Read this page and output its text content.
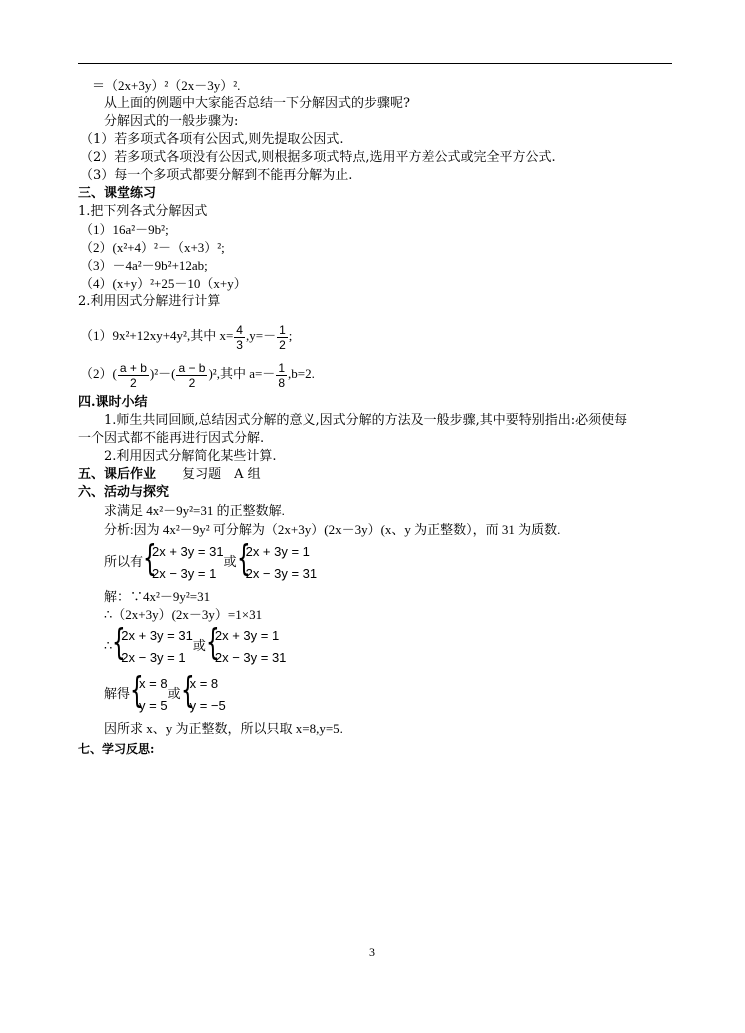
＝（2x+3y）²（2x－3y）².
从上面的例题中大家能否总结一下分解因式的步骤呢?
分解因式的一般步骤为:
（1）若多项式各项有公因式,则先提取公因式.
（2）若多项式各项没有公因式,则根据多项式特点,选用平方差公式或完全平方公式.
（3）每一个多项式都要分解到不能再分解为止.
三、课堂练习
1.把下列各式分解因式
（1）16a²－9b²;
（2）(x²+4）²－（x+3）²;
（3）－4a²－9b²+12ab;
（4）(x+y）²+25－10（x+y）
2.利用因式分解进行计算
（1）9x²+12xy+4y²,其中 $x= \frac{4}{3} ,y=- \frac{1}{2}$ ;
$(2)( \frac{a + b}{2} )^2-( \frac{a - b}{2} )^2$,其中 $a=- \frac{1}{8} ,b=2$.
四.课时小结
1.师生共同回顾,总结因式分解的意义,因式分解的方法及一般步骤,其中要特别指出:必须使每
一个因式都不能再进行因式分解.
2.利用因式分解简化某些计算.
五、课后作业 复习题　A 组
六、活动与探究
求满足 4x²－9y²=31 的正整数解.
分析:因为 4x²－9y² 可分解为（2x+3y）(2x－3y）(x、y 为正整数），而 31 为质数.
所以有 {
2x + 3y = 31
2x − 3y = 1
或 {
2x + 3y = 1
2x − 3y = 31
解：∵4x²－9y²=31
∴（2x+3y）(2x－3y）=1×31
∴ {
2x + 3y = 31
2x − 3y = 1
或 {
2x + 3y = 1
2x − 3y = 31
解得 {
x = 8
y = 5
或 {
x = 8
y = −5
因所求 x、y 为正整数，所以只取 x=8,y=5.
七、学习反思:
3
